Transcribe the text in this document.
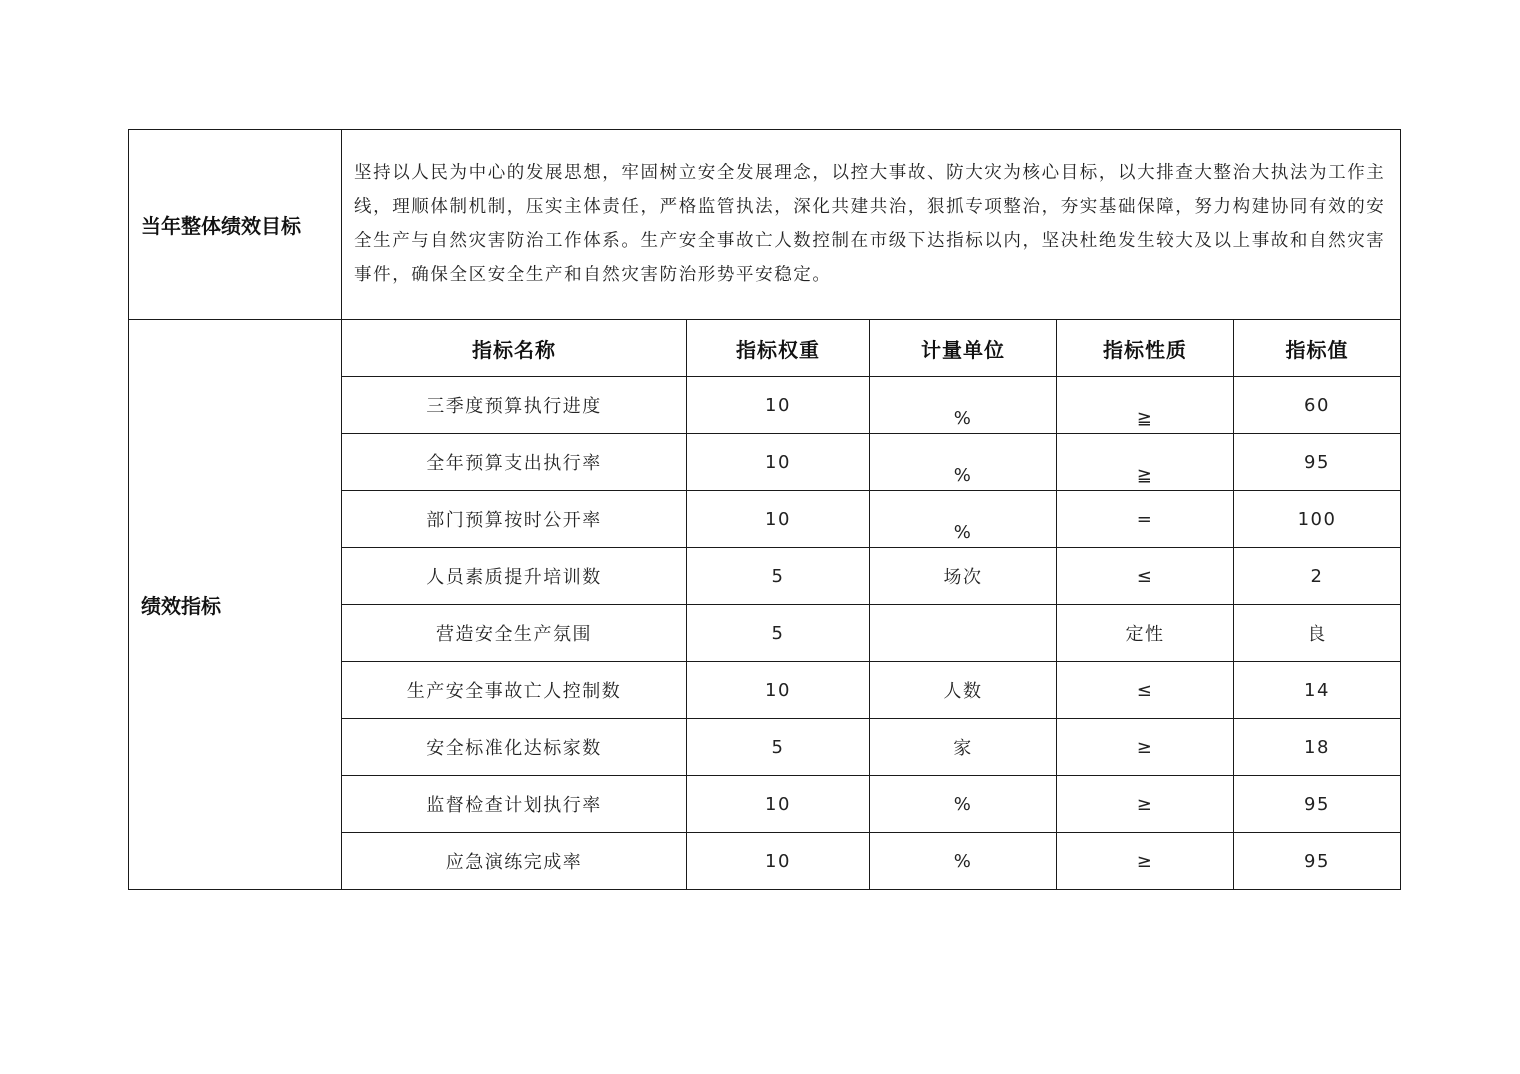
当年整体绩效目标	坚持以人民为中心的发展思想，牢固树立安全发展理念，以控大事故、防大灾为核心目标，以大排查大整治大执法为工作主线，理顺体制机制，压实主体责任，严格监管执法，深化共建共治，狠抓专项整治，夯实基础保障，努力构建协同有效的安全生产与自然灾害防治工作体系。生产安全事故亡人数控制在市级下达指标以内，坚决杜绝发生较大及以上事故和自然灾害事件，确保全区安全生产和自然灾害防治形势平安稳定。				
绩效指标	指标名称	指标权重	计量单位	指标性质	指标值
	三季度预算执行进度	10	%	≧	60
	全年预算支出执行率	10	%	≧	95
	部门预算按时公开率	10	%	=	100
	人员素质提升培训数	5	场次	≤	2
	营造安全生产氛围	5		定性	良
	生产安全事故亡人控制数	10	人数	≤	14
	安全标准化达标家数	5	家	≥	18
	监督检查计划执行率	10	%	≥	95
	应急演练完成率	10	%	≥	95
